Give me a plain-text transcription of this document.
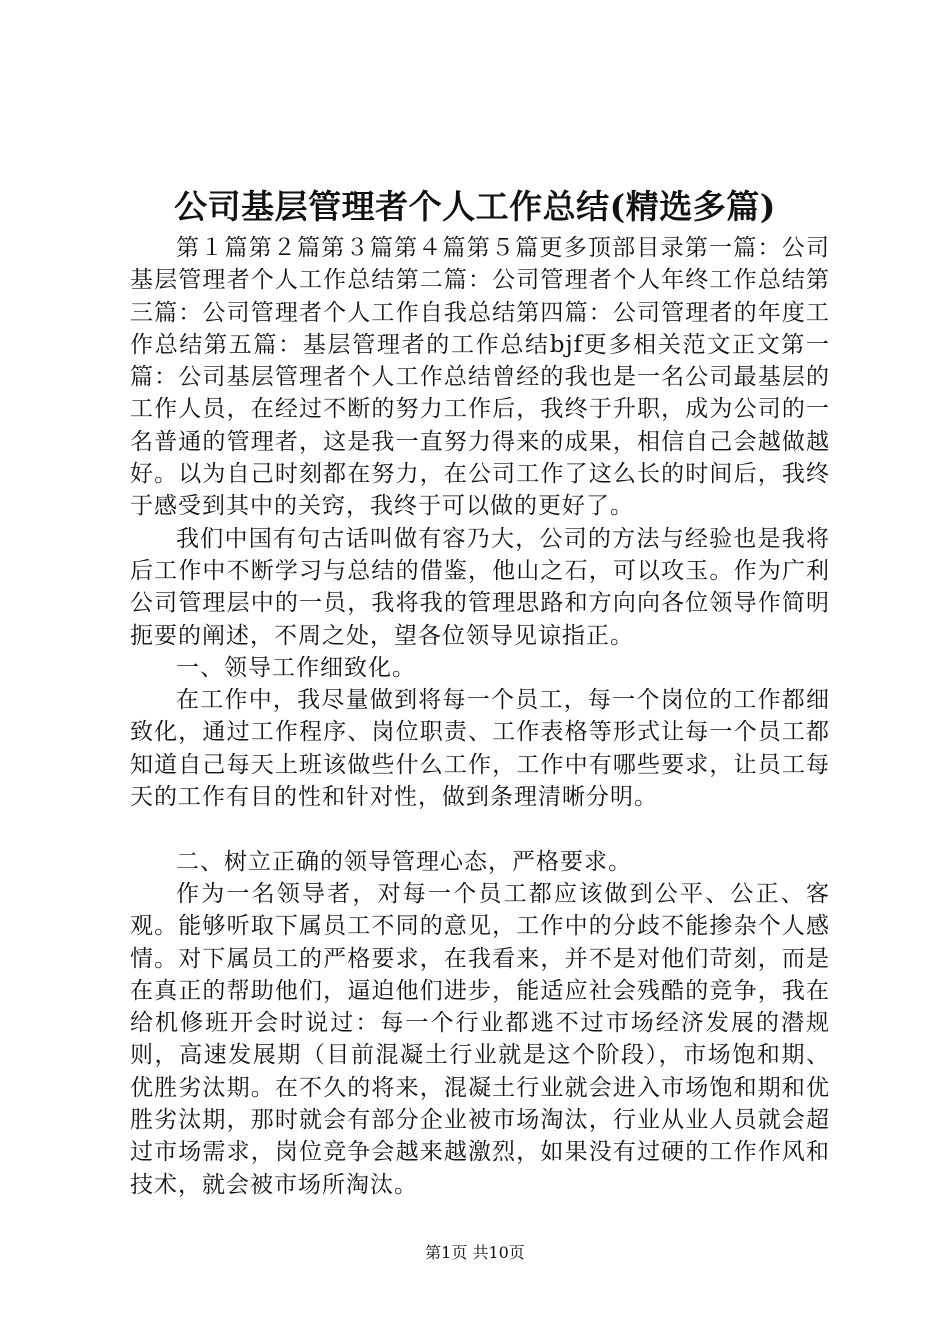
公司基层管理者个人工作总结(精选多篇)

第１篇第２篇第３篇第４篇第５篇更多顶部目录第一篇：公司基层管理者个人工作总结第二篇：公司管理者个人年终工作总结第三篇：公司管理者个人工作自我总结第四篇：公司管理者的年度工作总结第五篇：基层管理者的工作总结bjf更多相关范文正文第一篇：公司基层管理者个人工作总结曾经的我也是一名公司最基层的工作人员，在经过不断的努力工作后，我终于升职，成为公司的一名普通的管理者，这是我一直努力得来的成果，相信自己会越做越好。以为自己时刻都在努力，在公司工作了这么长的时间后，我终于感受到其中的关窍，我终于可以做的更好了。

我们中国有句古话叫做有容乃大，公司的方法与经验也是我将后工作中不断学习与总结的借鉴，他山之石，可以攻玉。作为广利公司管理层中的一员，我将我的管理思路和方向向各位领导作简明扼要的阐述，不周之处，望各位领导见谅指正。

一、领导工作细致化。

在工作中，我尽量做到将每一个员工，每一个岗位的工作都细致化，通过工作程序、岗位职责、工作表格等形式让每一个员工都知道自己每天上班该做些什么工作，工作中有哪些要求，让员工每天的工作有目的性和针对性，做到条理清晰分明。

二、树立正确的领导管理心态，严格要求。

作为一名领导者，对每一个员工都应该做到公平、公正、客观。能够听取下属员工不同的意见，工作中的分歧不能掺杂个人感情。对下属员工的严格要求，在我看来，并不是对他们苛刻，而是在真正的帮助他们，逼迫他们进步，能适应社会残酷的竞争，我在给机修班开会时说过：每一个行业都逃不过市场经济发展的潜规则，高速发展期（目前混凝土行业就是这个阶段），市场饱和期、优胜劣汰期。在不久的将来，混凝土行业就会进入市场饱和期和优胜劣汰期，那时就会有部分企业被市场淘汰，行业从业人员就会超过市场需求，岗位竞争会越来越激烈，如果没有过硬的工作作风和技术，就会被市场所淘汰。

第1页 共10页
